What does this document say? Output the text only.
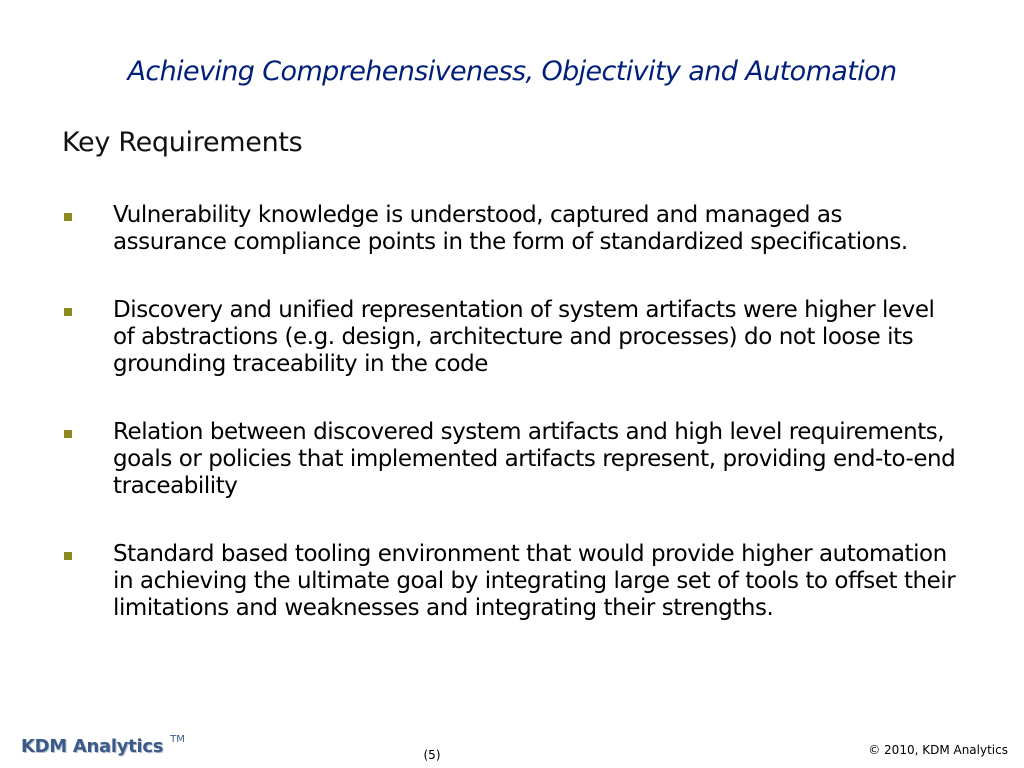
Achieving Comprehensiveness, Objectivity and Automation
Key Requirements
Vulnerability knowledge is understood, captured and managed as assurance compliance points in the form of standardized specifications.
Discovery and unified representation of system artifacts were higher level of abstractions (e.g. design, architecture and processes) do not loose its grounding traceability in the code
Relation between discovered system artifacts and high level requirements, goals or policies that implemented artifacts represent, providing end-to-end traceability
Standard based tooling environment that would provide higher automation in achieving the ultimate goal by integrating large set of tools to offset their limitations and weaknesses and integrating their strengths.
KDM Analytics TM
(5)	© 2010, KDM Analytics
